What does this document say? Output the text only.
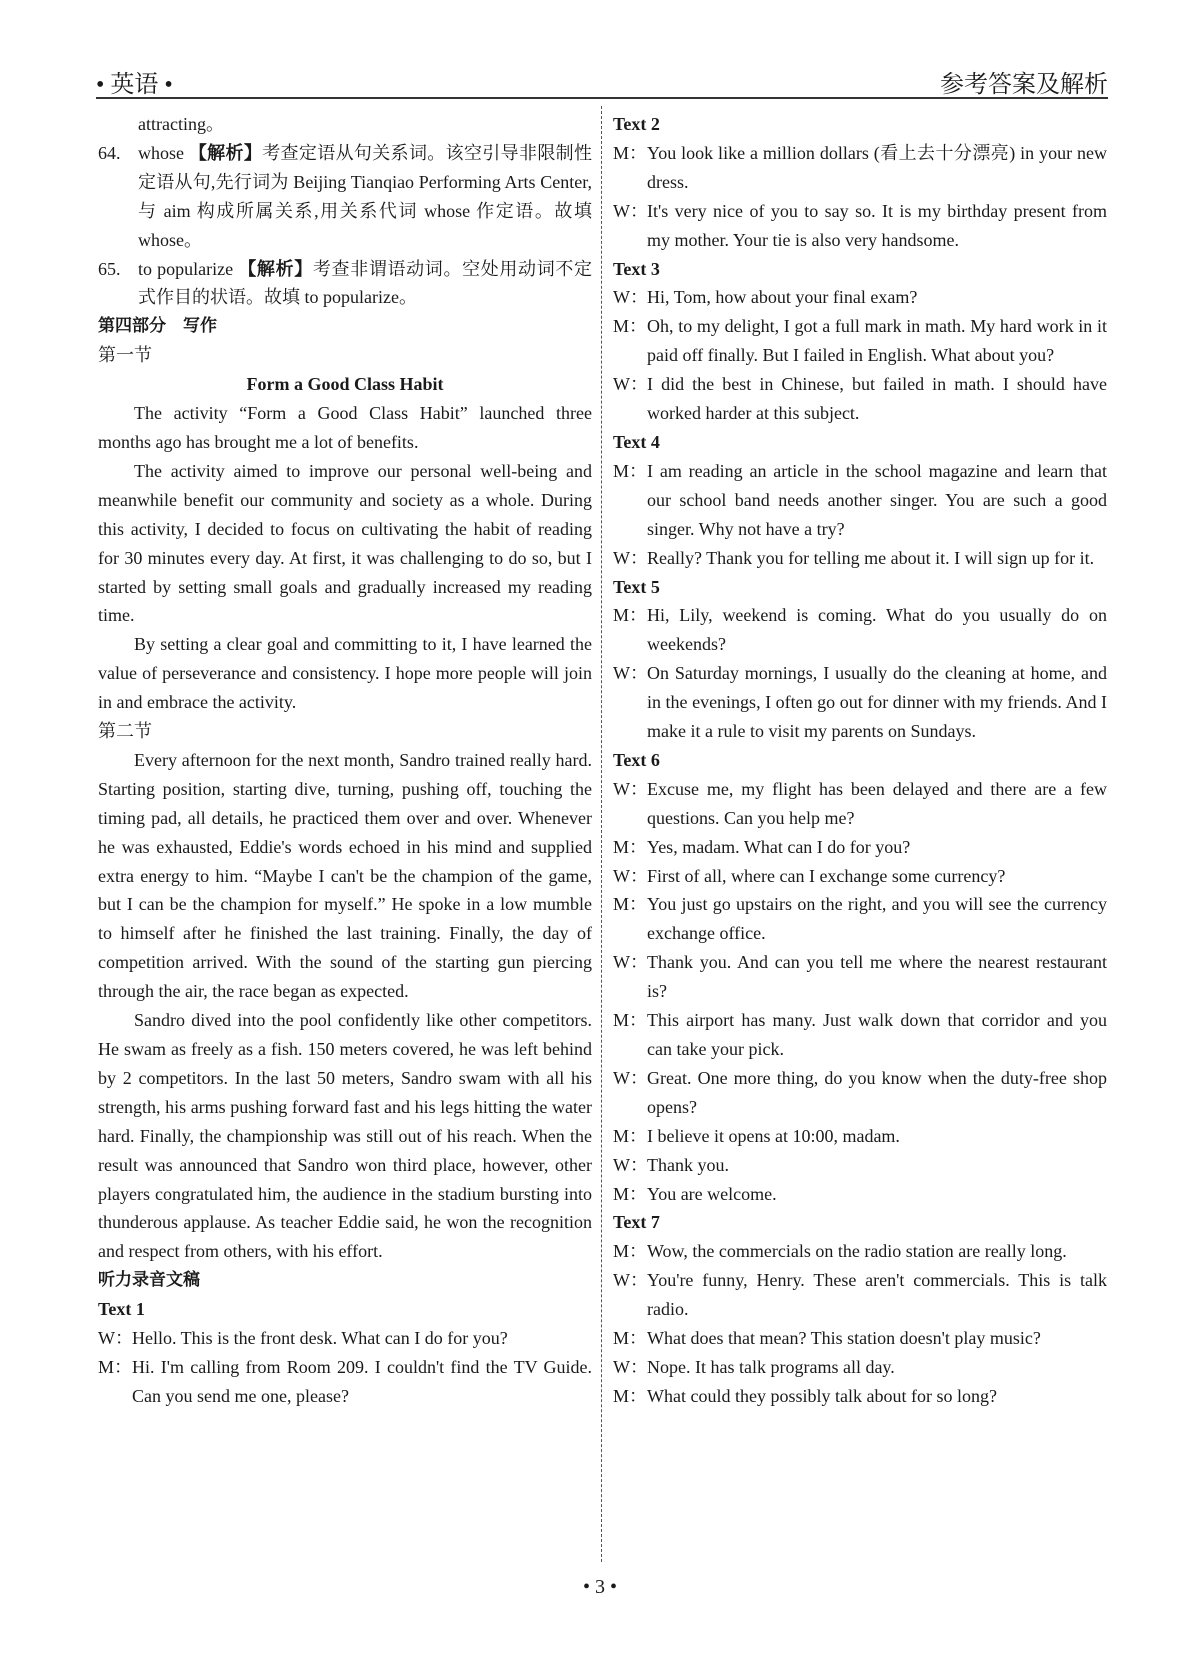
• 英语 •	参考答案及解析

attracting。

64. whose 【解析】考查定语从句关系词。该空引导非限制性定语从句,先行词为 Beijing Tianqiao Performing Arts Center,与 aim 构成所属关系,用关系代词 whose 作定语。故填 whose。

65. to popularize 【解析】考查非谓语动词。空处用动词不定式作目的状语。故填 to popularize。

第四部分　写作

第一节

Form a Good Class Habit

The activity “Form a Good Class Habit” launched three months ago has brought me a lot of benefits.

The activity aimed to improve our personal well-being and meanwhile benefit our community and society as a whole. During this activity, I decided to focus on cultivating the habit of reading for 30 minutes every day. At first, it was challenging to do so, but I started by setting small goals and gradually increased my reading time.

By setting a clear goal and committing to it, I have learned the value of perseverance and consistency. I hope more people will join in and embrace the activity.

第二节

Every afternoon for the next month, Sandro trained really hard. Starting position, starting dive, turning, pushing off, touching the timing pad, all details, he practiced them over and over. Whenever he was exhausted, Eddie's words echoed in his mind and supplied extra energy to him. “Maybe I can't be the champion of the game, but I can be the champion for myself.” He spoke in a low mumble to himself after he finished the last training. Finally, the day of competition arrived. With the sound of the starting gun piercing through the air, the race began as expected.

Sandro dived into the pool confidently like other competitors. He swam as freely as a fish. 150 meters covered, he was left behind by 2 competitors. In the last 50 meters, Sandro swam with all his strength, his arms pushing forward fast and his legs hitting the water hard. Finally, the championship was still out of his reach. When the result was announced that Sandro won third place, however, other players congratulated him, the audience in the stadium bursting into thunderous applause. As teacher Eddie said, he won the recognition and respect from others, with his effort.

听力录音文稿

Text 1

W：Hello. This is the front desk. What can I do for you?

M：Hi. I'm calling from Room 209. I couldn't find the TV Guide. Can you send me one, please?

Text 2

M：You look like a million dollars (看上去十分漂亮) in your new dress.

W：It's very nice of you to say so. It is my birthday present from my mother. Your tie is also very handsome.

Text 3

W：Hi, Tom, how about your final exam?

M：Oh, to my delight, I got a full mark in math. My hard work in it paid off finally. But I failed in English. What about you?

W：I did the best in Chinese, but failed in math. I should have worked harder at this subject.

Text 4

M：I am reading an article in the school magazine and learn that our school band needs another singer. You are such a good singer. Why not have a try?

W：Really? Thank you for telling me about it. I will sign up for it.

Text 5

M：Hi, Lily, weekend is coming. What do you usually do on weekends?

W：On Saturday mornings, I usually do the cleaning at home, and in the evenings, I often go out for dinner with my friends. And I make it a rule to visit my parents on Sundays.

Text 6

W：Excuse me, my flight has been delayed and there are a few questions. Can you help me?

M：Yes, madam. What can I do for you?

W：First of all, where can I exchange some currency?

M：You just go upstairs on the right, and you will see the currency exchange office.

W：Thank you. And can you tell me where the nearest restaurant is?

M：This airport has many. Just walk down that corridor and you can take your pick.

W：Great. One more thing, do you know when the duty-free shop opens?

M：I believe it opens at 10:00, madam.

W：Thank you.

M：You are welcome.

Text 7

M：Wow, the commercials on the radio station are really long.

W：You're funny, Henry. These aren't commercials. This is talk radio.

M：What does that mean? This station doesn't play music?

W：Nope. It has talk programs all day.

M：What could they possibly talk about for so long?

• 3 •
